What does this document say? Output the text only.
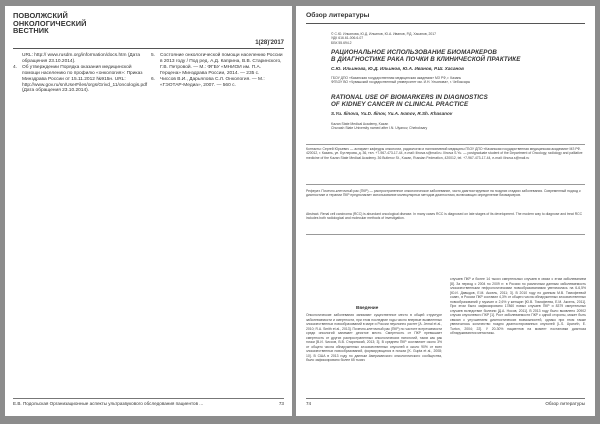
ПОВОЛЖСКИЙ
ОНКОЛОГИЧЕСКИЙ
ВЕСТНИК
1(28)'2017
URL: http:// www.rusdm.org/information/docs.htm (Дата обращения 23.10.2014).
4.	Об утверждении Порядка оказания медицинской помощи населению по профилю «онкология»: Приказ Минздрава России от 15.11.2012 №915н. URL: http://www.gov.ru/sn/UserFiles/orgs/Grivd_11/oncologis.pdf (Дата обращения 23.10.2014).
5.	Состояние онкологической помощи населению России в 2013 году / Под ред. А.Д. Каприна, В.В. Старинского, Г.В. Петровой. — М.: ФГБУ «МНИОИ им. П.А. Герцена» Минздрава России, 2014. — 235 с.
6.	Чиссов В.И., Дарьялова С.Л. Онкология. — М.: «ГЭОТАР-Медиа», 2007. — 560 с.
Е.В. Подольская Организационные аспекты ультразвукового обследования пациентов ...	73
Обзор литературы
© С.Ю. Ильинова, Ю.Д. Ильинов, Ю.А. Иванов, Р.Д. Хасанов, 2017
УДК 616.61-006.6-07
ББК 55.694.2
РАЦИОНАЛЬНОЕ ИСПОЛЬЗОВАНИЕ БИОМАРКЕРОВ
В ДИАГНОСТИКЕ РАКА ПОЧКИ В КЛИНИЧЕСКОЙ ПРАКТИКЕ
С.Ю. Ильинова, Ю.Д. Ильинов, Ю.А. Иванов, Р.Ш. Хасанов
ГБОУ ДПО «Казанская государственная медицинская академия» МЗ РФ, г. Казань
ФГБОУ ВО «Чувашский государственный университет им. И.Н. Ульянова», г. Чебоксары
RATIONAL USE OF BIOMARKERS IN DIAGNOSTICS
OF KIDNEY CANCER IN CLINICAL PRACTICE
S.Yu. Ilinova, Yu.D. Ilinov, Yu.A. Ivanov, R.Sh. Khasanov
Kazan State Medical Academy, Kazan
Chuvash State University named after I.N. Ulyanov, Cheboksary
Контакты: Сергей Юрьевич — аспирант кафедры онкологии, радиологии и паллиативной медицины ГБОУ ДПО «Казанская государственная медицинская академия» МЗ РФ. 420012, г. Казань, ул. Бутлерова, д. 36, тел. +7-967-473-17-44, e-mail: ilinova.s@mail.ru. Ilinova S.Yu. — postgraduate student of the Department of Oncology, radiology and palliative medicine of the Kazan State Medical Academy. 36 Butlerov St., Kazan, Russian Federation, 420012, tel. +7-967-473-17-44, e-mail: ilinova.s@mail.ru
Реферат. Почечно-клеточный рак (ПКР) — распространенное онкологическое заболевание, часто диагностируемое на поздних стадиях заболевания. Современный подход к диагностике и терапии ПКР предполагает использование молекулярных методов диагностики, включающих определение биомаркеров.
Abstract. Renal cell carcinoma (RCC) is abundant oncological disease. In many cases RCC is diagnosed on late stages of its development. The modern way to diagnose and treat RCC includes both radiological and molecular methods of investigation.
Введение
Онкологические заболевания занимают существенное место в общей структуре заболеваемости и смертности, при этом последние годы число впервые выявленных злокачественных новообразований в мире и России неуклонно растет [A. Jemal et al., 2010; R.A. Smith et al., 2013]. Почечно-клеточный рак (ПКР) по частоте встречаемости среди онкологий занимает десятое место. Смертность от ПКР превышает смертность от других распространенных онкологических патологий, таких как рак почки [В.И. Чиссов, В.В. Старинский, 2013; 3]. В среднем ПКР составляет около 3% от общего числа обнаруженных злокачественных опухолей и около 90% от всех злокачественных новообразований, формирующихся в почках [K. Gupta et al., 2008; 10]. В США в 2013 году по данным Американского онкологического сообщества, было зафиксировано более 65 тысяч
случаев ПКР и более 14 тысяч смертельных случаев в связи с этим заболеванием [8]. За период с 2004 по 2009 гг. в России по различным данным заболеваемость злокачественными нефрологическими новообразованиями увеличилась на 6-6,5% [Ю.И. Давыдов, Е.М. Аксель, 2011; 3]. В 2010 году по данным М.В. Тимофеевой соавт., в России ПКР составил 4,3% от общего числа обнаруженных злокачественных новообразований у мужчин и 2,6% у женщин [Ю.В. Тимофеева, Е.М. Аксель, 2011]. При этом было зафиксировано 17860 новых случаев ПКР и 8379 смертельных случаев вследствие болезни [Д.А. Носов, 2011]. В 2013 году было выявлено 20902 случая опухолевого ПКР [1]. Рост заболеваемости ПКР с одной стороны, может быть связан с улучшением диагностических возможностей, однако при этом также увеличилось количество поздно диагностированных опухолей [L.S. Upworth, E. Turton, 2004; 22]. У 20-30% пациентов на момент постановки диагноза обнаруживаются метастазы.
74	Обзор литературы
